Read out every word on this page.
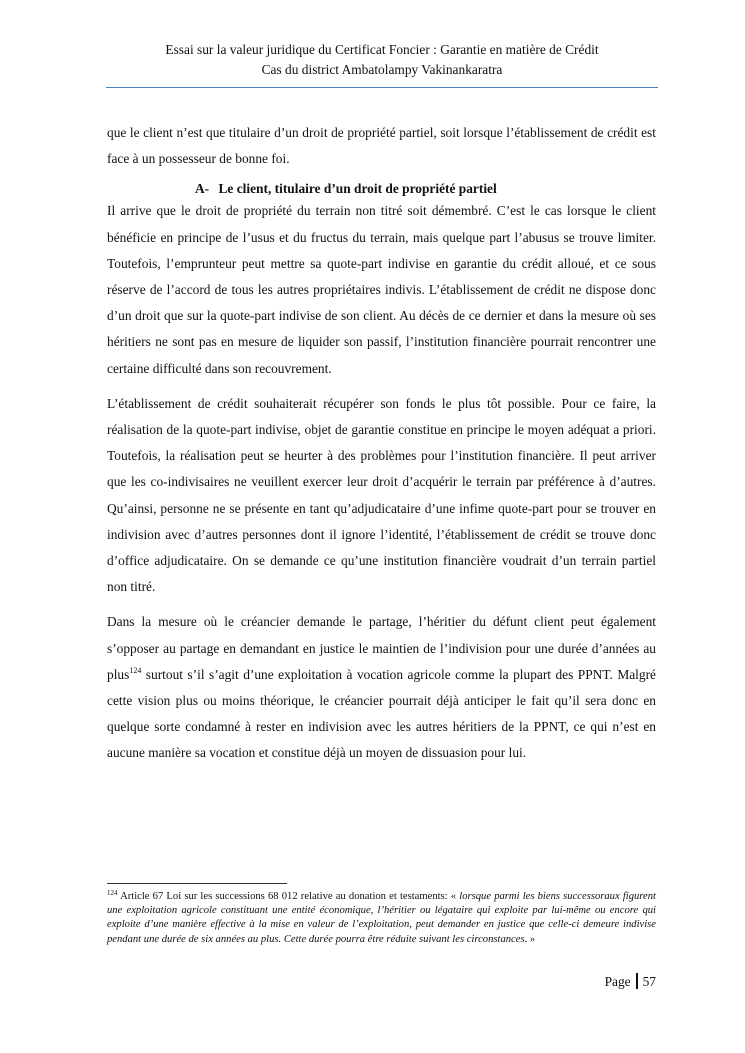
Essai sur la valeur juridique du Certificat Foncier : Garantie en matière de Crédit
Cas du district Ambatolampy Vakinankaratra

que le client n’est que titulaire d’un droit de propriété partiel, soit lorsque l’établissement de crédit est face à un possesseur de bonne foi.

A- Le client, titulaire d’un droit de propriété partiel

Il arrive que le droit de propriété du terrain non titré soit démembré. C’est le cas lorsque le client bénéficie en principe de l’usus et du fructus du terrain, mais quelque part l’abusus se trouve limiter. Toutefois, l’emprunteur peut mettre sa quote-part indivise en garantie du crédit alloué, et ce sous réserve de l’accord de tous les autres propriétaires indivis. L’établissement de crédit ne dispose donc d’un droit que sur la quote-part indivise de son client. Au décès de ce dernier et dans la mesure où ses héritiers ne sont pas en mesure de liquider son passif, l’institution financière pourrait rencontrer une certaine difficulté dans son recouvrement.

L’établissement de crédit souhaiterait récupérer son fonds le plus tôt possible. Pour ce faire, la réalisation de la quote-part indivise, objet de garantie constitue en principe le moyen adéquat a priori. Toutefois, la réalisation peut se heurter à des problèmes pour l’institution financière. Il peut arriver que les co-indivisaires ne veuillent exercer leur droit d’acquérir le terrain par préférence à d’autres. Qu’ainsi, personne ne se présente en tant qu’adjudicataire d’une infime quote-part pour se trouver en indivision avec d’autres personnes dont il ignore l’identité, l’établissement de crédit se trouve donc d’office adjudicataire. On se demande ce qu’une institution financière voudrait d’un terrain partiel non titré.

Dans la mesure où le créancier demande le partage, l’héritier du défunt client peut également s’opposer au partage en demandant en justice le maintien de l’indivision pour une durée d’années au plus$^{124}$ surtout s’il s’agit d’une exploitation à vocation agricole comme la plupart des PPNT. Malgré cette vision plus ou moins théorique, le créancier pourrait déjà anticiper le fait qu’il sera donc en quelque sorte condamné à rester en indivision avec les autres héritiers de la PPNT, ce qui n’est en aucune manière sa vocation et constitue déjà un moyen de dissuasion pour lui.

$^{124}$ Article 67 Loi sur les successions 68 012 relative au donation et testaments: « lorsque parmi les biens successoraux figurent une exploitation agricole constituant une entité économique, l’héritier ou légataire qui exploite par lui-même ou encore qui exploite d’une manière effective à la mise en valeur de l’exploitation, peut demander en justice que celle-ci demeure indivise pendant une durée de six années au plus. Cette durée pourra être réduite suivant les circonstances. »
Page 57
